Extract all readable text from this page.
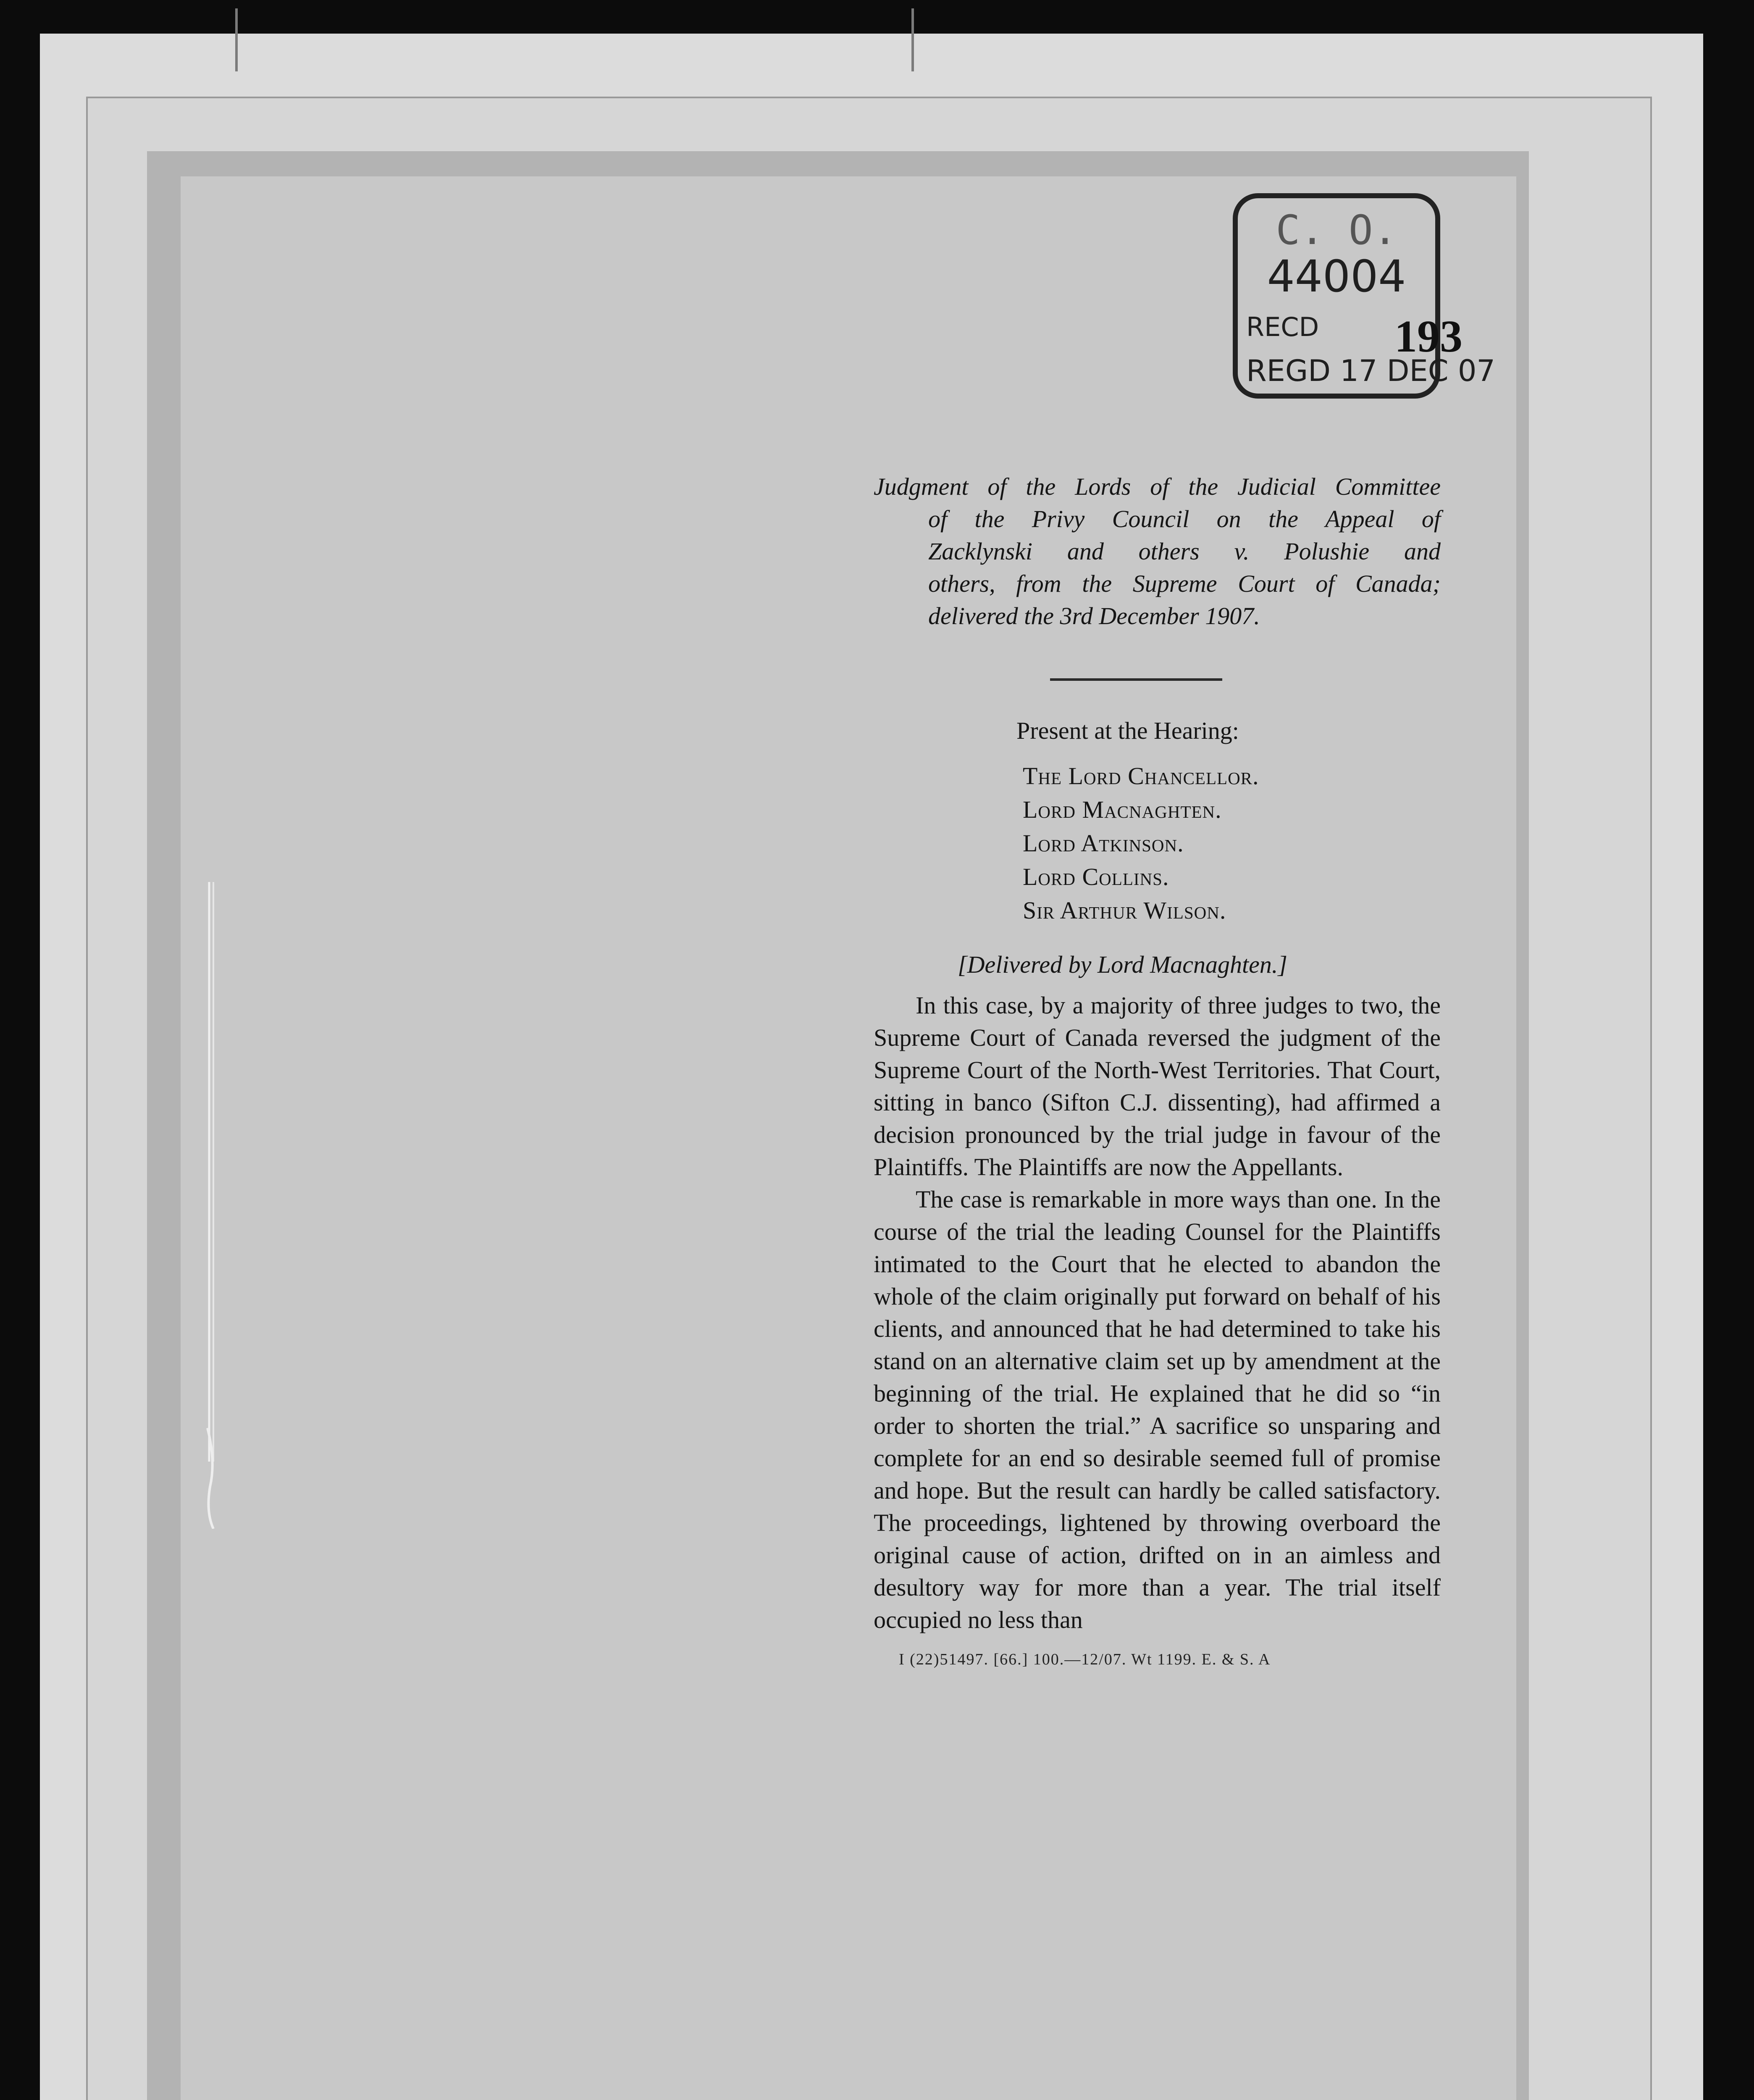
C. O.
44004
RECD
REGD 17 DEC 07
193
Judgment of the Lords of the Judicial Committee
of the Privy Council on the Appeal of
Zacklynski and others v. Polushie and
others, from the Supreme Court of Canada;
delivered the 3rd December 1907.
Present at the Hearing:
The Lord Chancellor.
Lord Macnaghten.
Lord Atkinson.
Lord Collins.
Sir Arthur Wilson.
[Delivered by Lord Macnaghten.]

In this case, by a majority of three judges to two, the Supreme Court of Canada reversed the judgment of the Supreme Court of the North-West Territories. That Court, sitting in banco (Sifton C.J. dissenting), had affirmed a decision pronounced by the trial judge in favour of the Plaintiffs. The Plaintiffs are now the Appellants.

The case is remarkable in more ways than one. In the course of the trial the leading Counsel for the Plaintiffs intimated to the Court that he elected to abandon the whole of the claim originally put forward on behalf of his clients, and announced that he had determined to take his stand on an alternative claim set up by amendment at the beginning of the trial. He explained that he did so “in order to shorten the trial.” A sacrifice so unsparing and complete for an end so desirable seemed full of promise and hope. But the result can hardly be called satisfactory. The proceedings, lightened by throwing overboard the original cause of action, drifted on in an aimless and desultory way for more than a year. The trial itself occupied no less than

I (22)51497. [66.] 100.—12/07. Wt 1199. E. & S. A
